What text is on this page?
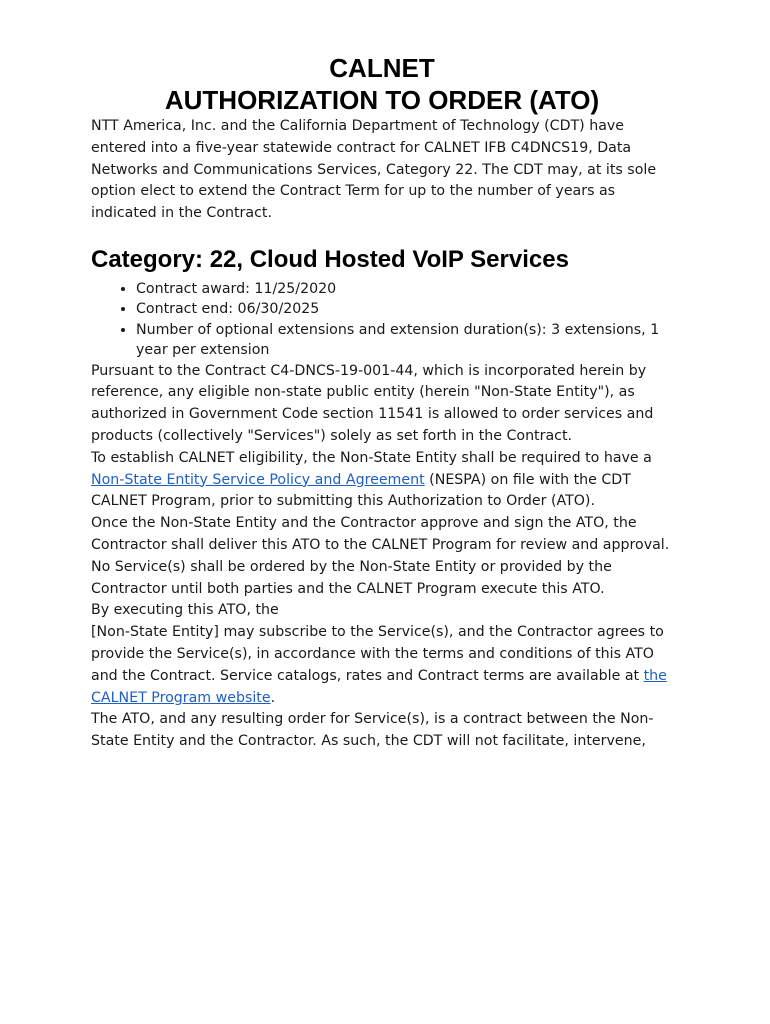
CALNET
AUTHORIZATION TO ORDER (ATO)

NTT America, Inc. and the California Department of Technology (CDT) have entered into a five-year statewide contract for CALNET IFB C4DNCS19, Data Networks and Communications Services, Category 22. The CDT may, at its sole option elect to extend the Contract Term for up to the number of years as indicated in the Contract.

Category: 22, Cloud Hosted VoIP Services
• Contract award: 11/25/2020
• Contract end: 06/30/2025
• Number of optional extensions and extension duration(s): 3 extensions, 1 year per extension

Pursuant to the Contract C4-DNCS-19-001-44, which is incorporated herein by reference, any eligible non-state public entity (herein "Non-State Entity"), as authorized in Government Code section 11541 is allowed to order services and products (collectively "Services") solely as set forth in the Contract.

To establish CALNET eligibility, the Non-State Entity shall be required to have a Non-State Entity Service Policy and Agreement (NESPA) on file with the CDT CALNET Program, prior to submitting this Authorization to Order (ATO).

Once the Non-State Entity and the Contractor approve and sign the ATO, the Contractor shall deliver this ATO to the CALNET Program for review and approval. No Service(s) shall be ordered by the Non-State Entity or provided by the Contractor until both parties and the CALNET Program execute this ATO.

By executing this ATO, the
[Non-State Entity] may subscribe to the Service(s), and the Contractor agrees to provide the Service(s), in accordance with the terms and conditions of this ATO and the Contract. Service catalogs, rates and Contract terms are available at the CALNET Program website.

The ATO, and any resulting order for Service(s), is a contract between the Non-State Entity and the Contractor. As such, the CDT will not facilitate, intervene,
